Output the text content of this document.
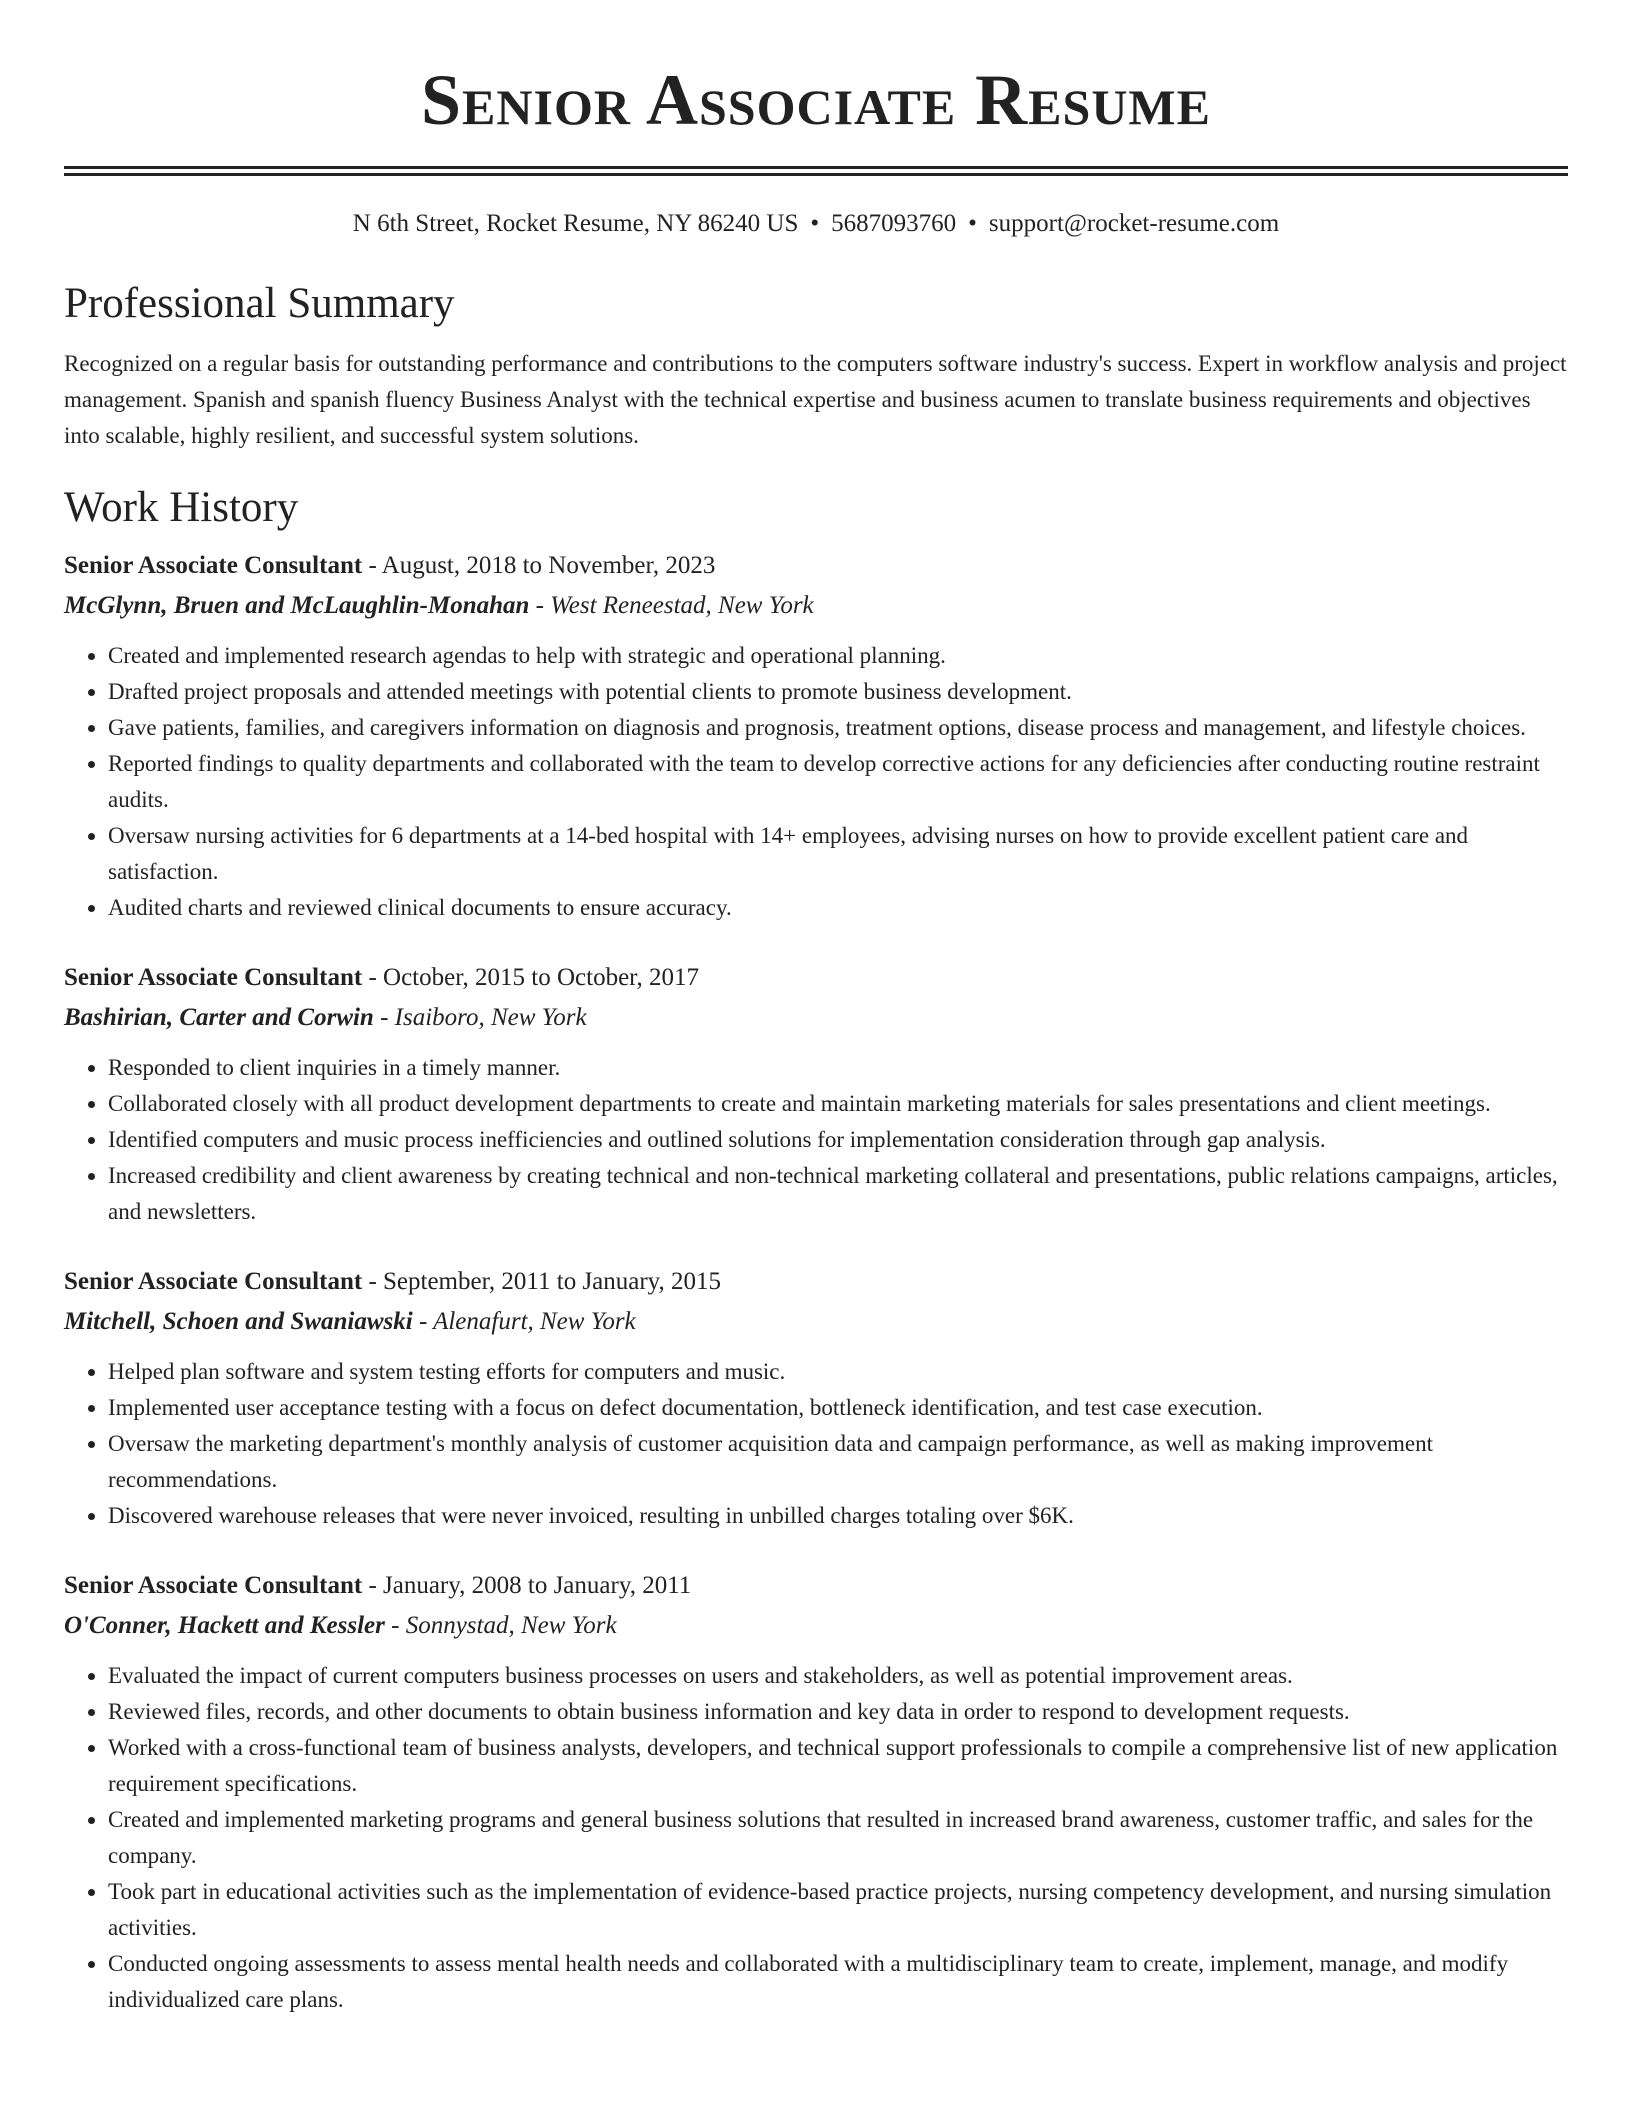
Senior Associate Resume
N 6th Street, Rocket Resume, NY 86240 US • 5687093760 • support@rocket-resume.com
Professional Summary

Recognized on a regular basis for outstanding performance and contributions to the computers software industry's success. Expert in workflow analysis and project management. Spanish and spanish fluency Business Analyst with the technical expertise and business acumen to translate business requirements and objectives into scalable, highly resilient, and successful system solutions.

Work History
Senior Associate Consultant - August, 2018 to November, 2023
McGlynn, Bruen and McLaughlin-Monahan - West Reneestad, New York
• Created and implemented research agendas to help with strategic and operational planning.
• Drafted project proposals and attended meetings with potential clients to promote business development.
• Gave patients, families, and caregivers information on diagnosis and prognosis, treatment options, disease process and management, and lifestyle choices.
• Reported findings to quality departments and collaborated with the team to develop corrective actions for any deficiencies after conducting routine restraint audits.
• Oversaw nursing activities for 6 departments at a 14-bed hospital with 14+ employees, advising nurses on how to provide excellent patient care and satisfaction.
• Audited charts and reviewed clinical documents to ensure accuracy.
Senior Associate Consultant - October, 2015 to October, 2017
Bashirian, Carter and Corwin - Isaiboro, New York
• Responded to client inquiries in a timely manner.
• Collaborated closely with all product development departments to create and maintain marketing materials for sales presentations and client meetings.
• Identified computers and music process inefficiencies and outlined solutions for implementation consideration through gap analysis.
• Increased credibility and client awareness by creating technical and non-technical marketing collateral and presentations, public relations campaigns, articles, and newsletters.
Senior Associate Consultant - September, 2011 to January, 2015
Mitchell, Schoen and Swaniawski - Alenafurt, New York
• Helped plan software and system testing efforts for computers and music.
• Implemented user acceptance testing with a focus on defect documentation, bottleneck identification, and test case execution.
• Oversaw the marketing department's monthly analysis of customer acquisition data and campaign performance, as well as making improvement recommendations.
• Discovered warehouse releases that were never invoiced, resulting in unbilled charges totaling over $6K.
Senior Associate Consultant - January, 2008 to January, 2011
O'Conner, Hackett and Kessler - Sonnystad, New York
• Evaluated the impact of current computers business processes on users and stakeholders, as well as potential improvement areas.
• Reviewed files, records, and other documents to obtain business information and key data in order to respond to development requests.
• Worked with a cross-functional team of business analysts, developers, and technical support professionals to compile a comprehensive list of new application requirement specifications.
• Created and implemented marketing programs and general business solutions that resulted in increased brand awareness, customer traffic, and sales for the company.
• Took part in educational activities such as the implementation of evidence-based practice projects, nursing competency development, and nursing simulation activities.
• Conducted ongoing assessments to assess mental health needs and collaborated with a multidisciplinary team to create, implement, manage, and modify individualized care plans.
